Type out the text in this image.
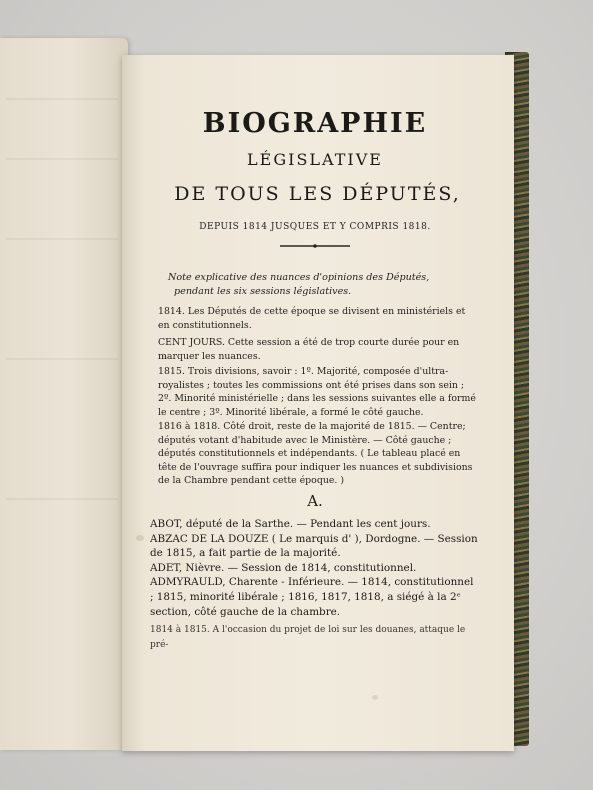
BIOGRAPHIE
LÉGISLATIVE
DE TOUS LES DÉPUTÉS,
DEPUIS 1814 JUSQUES ET Y COMPRIS 1818.
Note explicative des nuances d'opinions des Députés,
pendant les six sessions législatives.
1814. Les Députés de cette époque se divisent en ministériels et en constitutionnels.
CENT JOURS. Cette session a été de trop courte durée pour en marquer les nuances.
1815. Trois divisions, savoir : 1º. Majorité, composée d'ultra-royalistes ; toutes les commissions ont été prises dans son sein ; 2º. Minorité ministérielle ; dans les sessions suivantes elle a formé le centre ; 3º. Minorité libérale, a formé le côté gauche.
1816 à 1818. Côté droit, reste de la majorité de 1815. — Centre; députés votant d'habitude avec le Ministère. — Côté gauche ; députés constitutionnels et indépendants. ( Le tableau placé en tête de l'ouvrage suffira pour indiquer les nuances et subdivisions de la Chambre pendant cette époque. )
A.
ABOT, député de la Sarthe. — Pendant les cent jours.
ABZAC DE LA DOUZE ( Le marquis d' ), Dordogne. — Session de 1815, a fait partie de la majorité.
ADET, Nièvre. — Session de 1814, constitutionnel.
ADMYRAULD, Charente - Inférieure. — 1814, constitutionnel ; 1815, minorité libérale ; 1816, 1817, 1818, a siégé à la 2ᵉ section, côté gauche de la chambre.
1814 à 1815. A l'occasion du projet de loi sur les douanes, attaque le pré-
